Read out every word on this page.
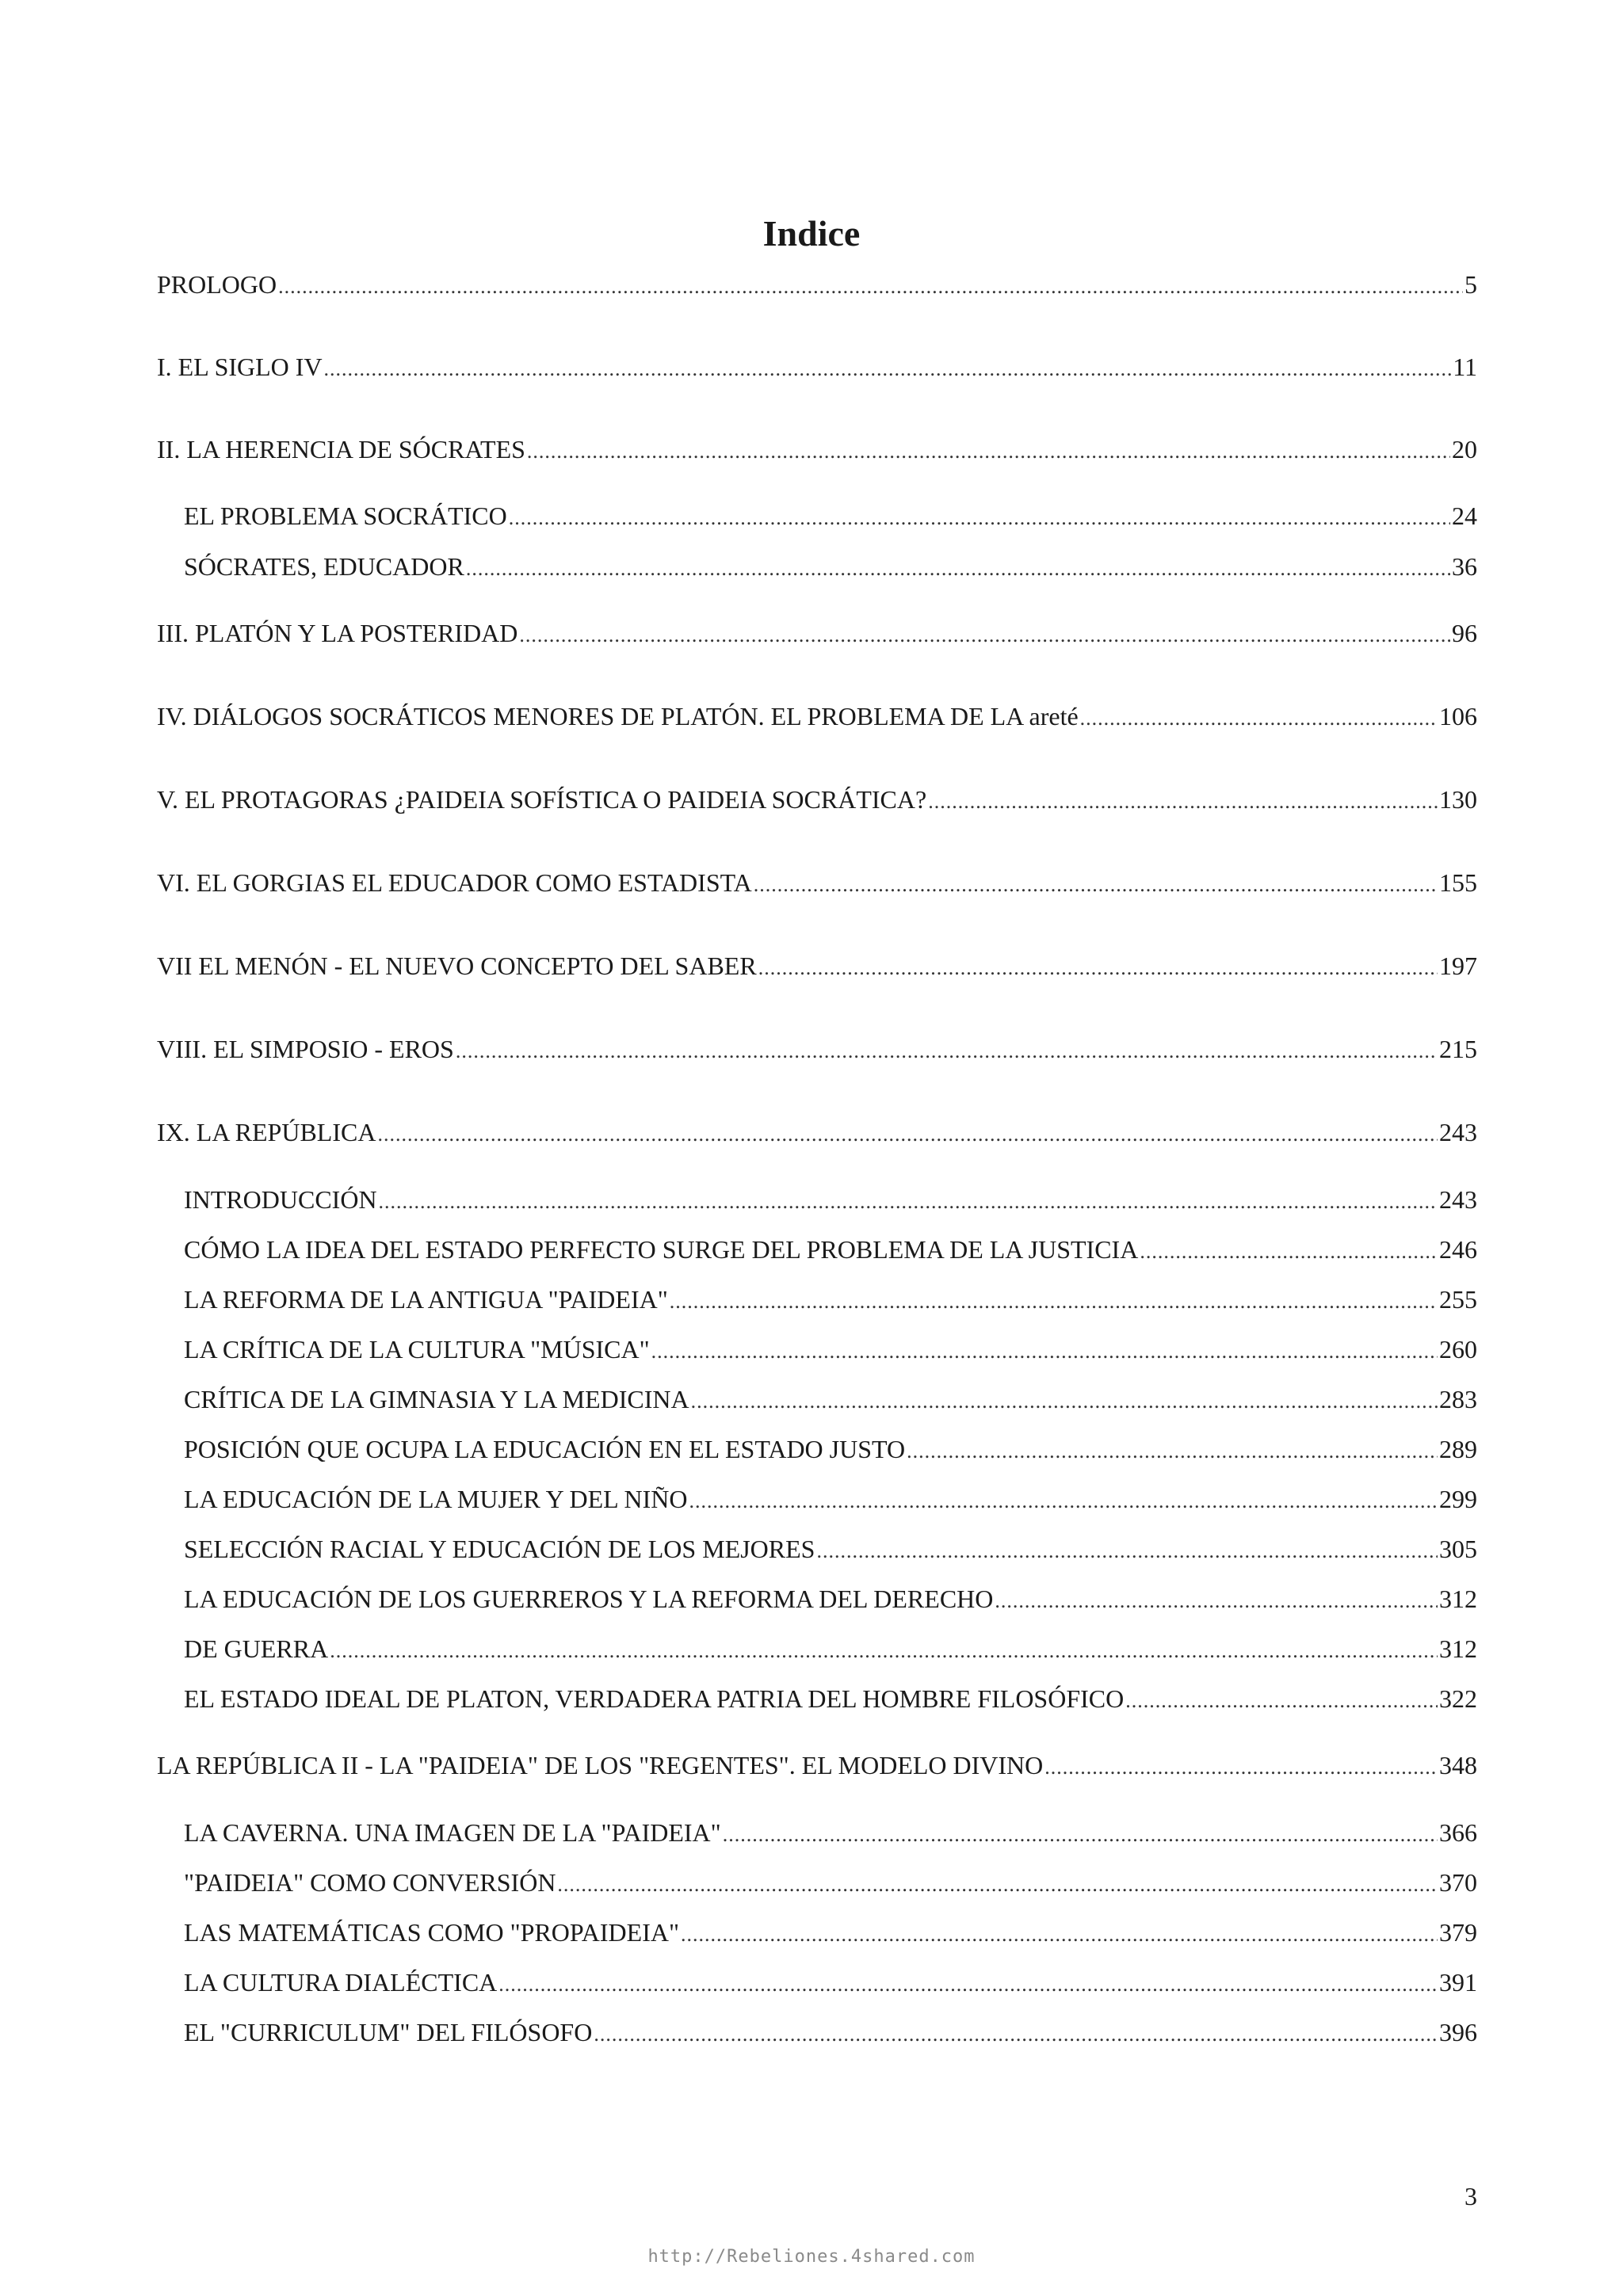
Indice
PROLOGO .....	5
I. EL SIGLO IV .....	11
II. LA HERENCIA DE SÓCRATES .....	20
EL PROBLEMA SOCRÁTICO .....	24
SÓCRATES, EDUCADOR .....	36
III. PLATÓN Y LA POSTERIDAD .....	96
IV. DIÁLOGOS SOCRÁTICOS MENORES DE PLATÓN. EL PROBLEMA DE LA areté .....	106
V. EL PROTAGORAS ¿PAIDEIA SOFÍSTICA O PAIDEIA SOCRÁTICA? .....	130
VI. EL GORGIAS EL EDUCADOR COMO ESTADISTA .....	155
VII EL MENÓN - EL NUEVO CONCEPTO DEL SABER .....	197
VIII. EL SIMPOSIO - EROS .....	215
IX. LA REPÚBLICA .....	243
INTRODUCCIÓN .....	243
CÓMO LA IDEA DEL ESTADO PERFECTO SURGE DEL PROBLEMA DE LA JUSTICIA .....	246
LA REFORMA DE LA ANTIGUA "PAIDEIA" .....	255
LA CRÍTICA DE LA CULTURA "MÚSICA" .....	260
CRÍTICA DE LA GIMNASIA Y LA MEDICINA .....	283
POSICIÓN QUE OCUPA LA EDUCACIÓN EN EL ESTADO JUSTO .....	289
LA EDUCACIÓN DE LA MUJER Y DEL NIÑO .....	299
SELECCIÓN RACIAL Y EDUCACIÓN DE LOS MEJORES .....	305
LA EDUCACIÓN DE LOS GUERREROS Y LA REFORMA DEL DERECHO .....	312
DE GUERRA .....	312
EL ESTADO IDEAL DE PLATON, VERDADERA PATRIA DEL HOMBRE FILOSÓFICO .....	322
LA REPÚBLICA II - LA "PAIDEIA" DE LOS "REGENTES". EL MODELO DIVINO .....	348
LA CAVERNA. UNA IMAGEN DE LA "PAIDEIA" .....	366
"PAIDEIA" COMO CONVERSIÓN .....	370
LAS MATEMÁTICAS COMO "PROPAIDEIA" .....	379
LA CULTURA DIALÉCTICA .....	391
EL "CURRICULUM" DEL FILÓSOFO .....	396
3
http://Rebeliones.4shared.com
